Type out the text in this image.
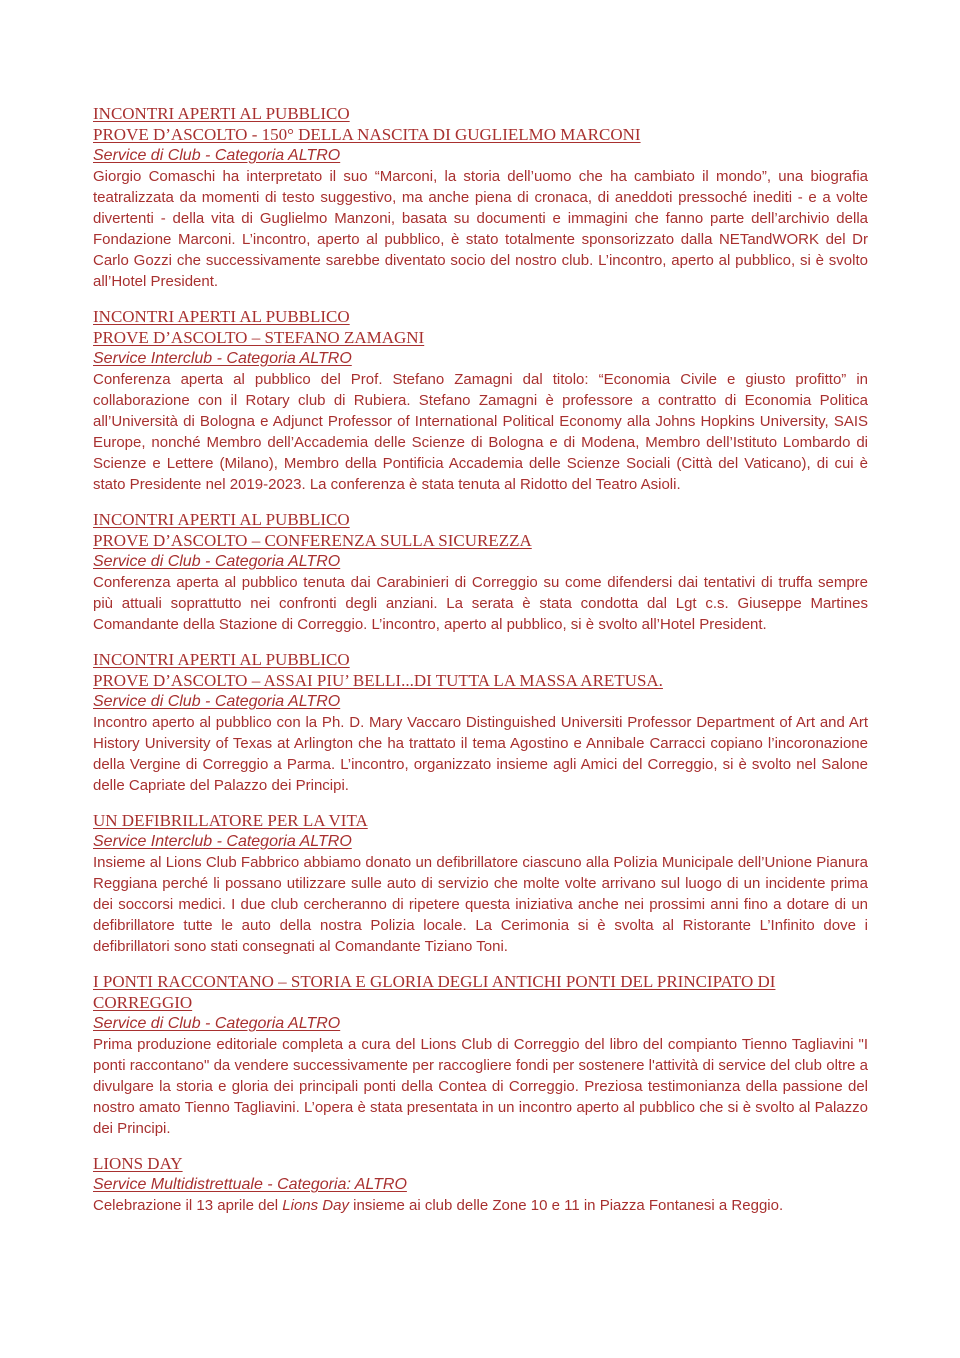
INCONTRI APERTI AL PUBBLICO
PROVE D’ASCOLTO - 150° DELLA NASCITA DI GUGLIELMO MARCONI
Service di Club - Categoria ALTRO

Giorgio Comaschi ha interpretato il suo “Marconi, la storia dell’uomo che ha cambiato il mondo”, una biografia teatralizzata da momenti di testo suggestivo, ma anche piena di cronaca, di aneddoti pressoché inediti - e a volte divertenti - della vita di Guglielmo Manzoni, basata su documenti e immagini che fanno parte dell’archivio della Fondazione Marconi. L’incontro, aperto al pubblico, è stato totalmente sponsorizzato dalla NETandWORK del Dr Carlo Gozzi che successivamente sarebbe diventato socio del nostro club. L’incontro, aperto al pubblico, si è svolto all’Hotel President.

INCONTRI APERTI AL PUBBLICO
PROVE D’ASCOLTO – STEFANO ZAMAGNI
Service Interclub - Categoria ALTRO

Conferenza aperta al pubblico del Prof. Stefano Zamagni dal titolo: “Economia Civile e giusto profitto” in collaborazione con il Rotary club di Rubiera. Stefano Zamagni è professore a contratto di Economia Politica all’Università di Bologna e Adjunct Professor of International Political Economy alla Johns Hopkins University, SAIS Europe, nonché Membro dell’Accademia delle Scienze di Bologna e di Modena, Membro dell’Istituto Lombardo di Scienze e Lettere (Milano), Membro della Pontificia Accademia delle Scienze Sociali (Città del Vaticano), di cui è stato Presidente nel 2019-2023. La conferenza è stata tenuta al Ridotto del Teatro Asioli.

INCONTRI APERTI AL PUBBLICO
PROVE D’ASCOLTO – CONFERENZA SULLA SICUREZZA
Service di Club - Categoria ALTRO

Conferenza aperta al pubblico tenuta dai Carabinieri di Correggio su come difendersi dai tentativi di truffa sempre più attuali soprattutto nei confronti degli anziani. La serata è stata condotta dal Lgt c.s. Giuseppe Martines Comandante della Stazione di Correggio. L’incontro, aperto al pubblico, si è svolto all’Hotel President.

INCONTRI APERTI AL PUBBLICO
PROVE D’ASCOLTO – ASSAI PIU’ BELLI...DI TUTTA LA MASSA ARETUSA.
Service di Club - Categoria ALTRO

Incontro aperto al pubblico con la Ph. D. Mary Vaccaro Distinguished Universiti Professor Department of Art and Art History University of Texas at Arlington che ha trattato il tema Agostino e Annibale Carracci copiano l’incoronazione della Vergine di Correggio a Parma. L’incontro, organizzato insieme agli Amici del Correggio, si è svolto nel Salone delle Capriate del Palazzo dei Principi.

UN DEFIBRILLATORE PER LA VITA
Service Interclub - Categoria ALTRO

Insieme al Lions Club Fabbrico abbiamo donato un defibrillatore ciascuno alla Polizia Municipale dell’Unione Pianura Reggiana perché li possano utilizzare sulle auto di servizio che molte volte arrivano sul luogo di un incidente prima dei soccorsi medici. I due club cercheranno di ripetere questa iniziativa anche nei prossimi anni fino a dotare di un defibrillatore tutte le auto della nostra Polizia locale. La Cerimonia si è svolta al Ristorante L’Infinito dove i defibrillatori sono stati consegnati al Comandante Tiziano Toni.

I PONTI RACCONTANO – STORIA E GLORIA DEGLI ANTICHI PONTI DEL PRINCIPATO DI CORREGGIO
Service di Club - Categoria ALTRO

Prima produzione editoriale completa a cura del Lions Club di Correggio del libro del compianto Tienno Tagliavini "I ponti raccontano" da vendere successivamente per raccogliere fondi per sostenere l'attività di service del club oltre a divulgare la storia e gloria dei principali ponti della Contea di Correggio. Preziosa testimonianza della passione del nostro amato Tienno Tagliavini. L’opera è stata presentata in un incontro aperto al pubblico che si è svolto al Palazzo dei Principi.

LIONS DAY
Service Multidistrettuale - Categoria: ALTRO

Celebrazione il 13 aprile del Lions Day insieme ai club delle Zone 10 e 11 in Piazza Fontanesi a Reggio.
